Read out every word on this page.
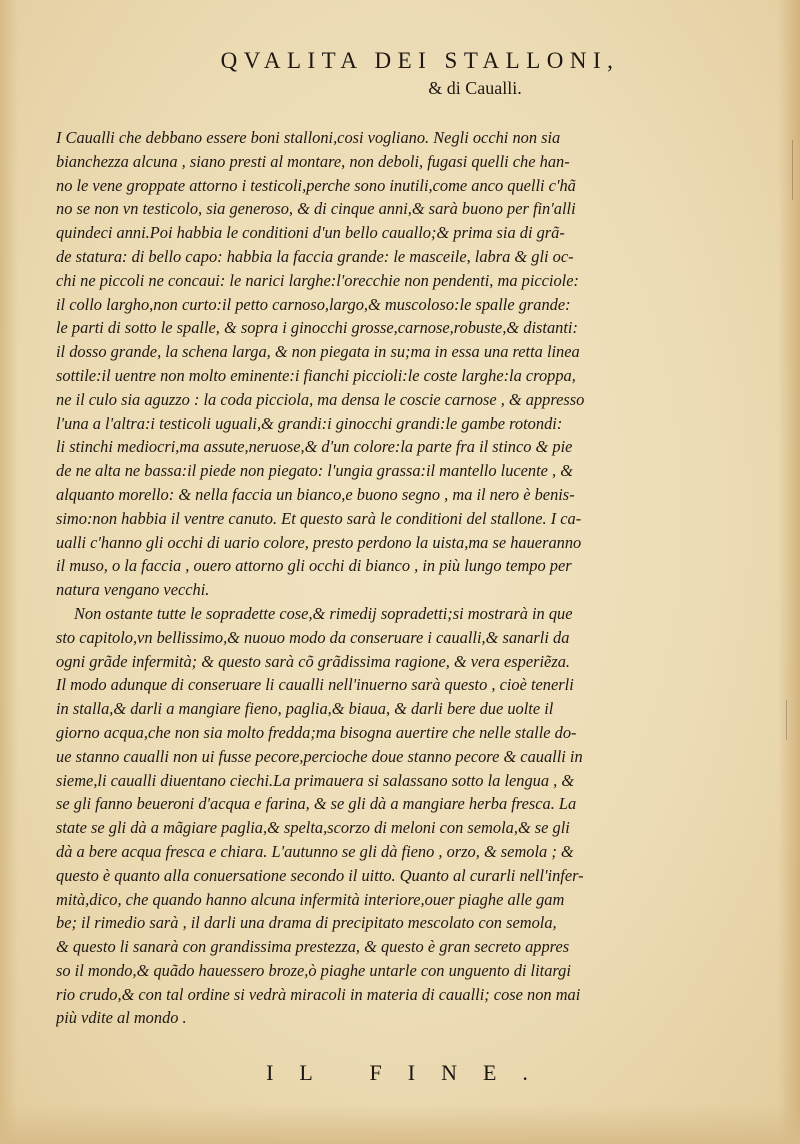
QVALITA DEI STALLONI,
& di Caualli.
I Caualli che debbano essere boni stalloni,cosi vogliano. Negli occhi non sia
bianchezza alcuna , siano presti al montare, non deboli, fugasi quelli che han-
no le vene groppate attorno i testicoli,perche sono inutili,come anco quelli c'hã
no se non vn testicolo, sia generoso, & di cinque anni,& sarà buono per fin'alli
quindeci anni.Poi habbia le conditioni d'un bello cauallo;& prima sia di grã-
de statura: di bello capo: habbia la faccia grande: le masceile, labra & gli oc-
chi ne piccoli ne concaui: le narici larghe:l'orecchie non pendenti, ma picciole:
il collo largho,non curto:il petto carnoso,largo,& muscoloso:le spalle grande:
le parti di sotto le spalle, & sopra i ginocchi grosse,carnose,robuste,& distanti:
il dosso grande, la schena larga, & non piegata in su;ma in essa una retta linea
sottile:il uentre non molto eminente:i fianchi piccioli:le coste larghe:la croppa,
ne il culo sia aguzzo : la coda picciola, ma densa le coscie carnose , & appresso
l'una a l'altra:i testicoli uguali,& grandi:i ginocchi grandi:le gambe rotondi:
li stinchi mediocri,ma assute,neruose,& d'un colore:la parte fra il stinco & pie
de ne alta ne bassa:il piede non piegato: l'ungia grassa:il mantello lucente , &
alquanto morello: & nella faccia un bianco,e buono segno , ma il nero è benis-
simo:non habbia il ventre canuto. Et questo sarà le conditioni del stallone. I ca-
ualli c'hanno gli occhi di uario colore, presto perdono la uista,ma se haueranno
il muso, o la faccia , ouero attorno gli occhi di bianco , in più lungo tempo per
natura vengano vecchi.
Non ostante tutte le sopradette cose,& rimedij sopradetti;si mostrarà in que
sto capitolo,vn bellissimo,& nuouo modo da conseruare i caualli,& sanarli da
ogni grãde infermità; & questo sarà cõ grãdissima ragione, & vera esperiẽza.
Il modo adunque di conseruare li caualli nell'inuerno sarà questo , cioè tenerli
in stalla,& darli a mangiare fieno, paglia,& biaua, & darli bere due uolte il
giorno acqua,che non sia molto fredda;ma bisogna auertire che nelle stalle do-
ue stanno caualli non ui fusse pecore,percioche doue stanno pecore & caualli in
sieme,li caualli diuentano ciechi.La primauera si salassano sotto la lengua , &
se gli fanno beueroni d'acqua e farina, & se gli dà a mangiare herba fresca. La
state se gli dà a mãgiare paglia,& spelta,scorzo di meloni con semola,& se gli
dà a bere acqua fresca e chiara. L'autunno se gli dà fieno , orzo, & semola ; &
questo è quanto alla conuersatione secondo il uitto. Quanto al curarli nell'infer-
mità,dico, che quando hanno alcuna infermità interiore,ouer piaghe alle gam
be; il rimedio sarà , il darli una drama di precipitato mescolato con semola,
& questo li sanarà con grandissima prestezza, & questo è gran secreto appres
so il mondo,& quãdo hauessero broze,ò piaghe untarle con unguento di litargi
rio crudo,& con tal ordine si vedrà miracoli in materia di caualli; cose non mai
più vdite al mondo .
IL FINE.
